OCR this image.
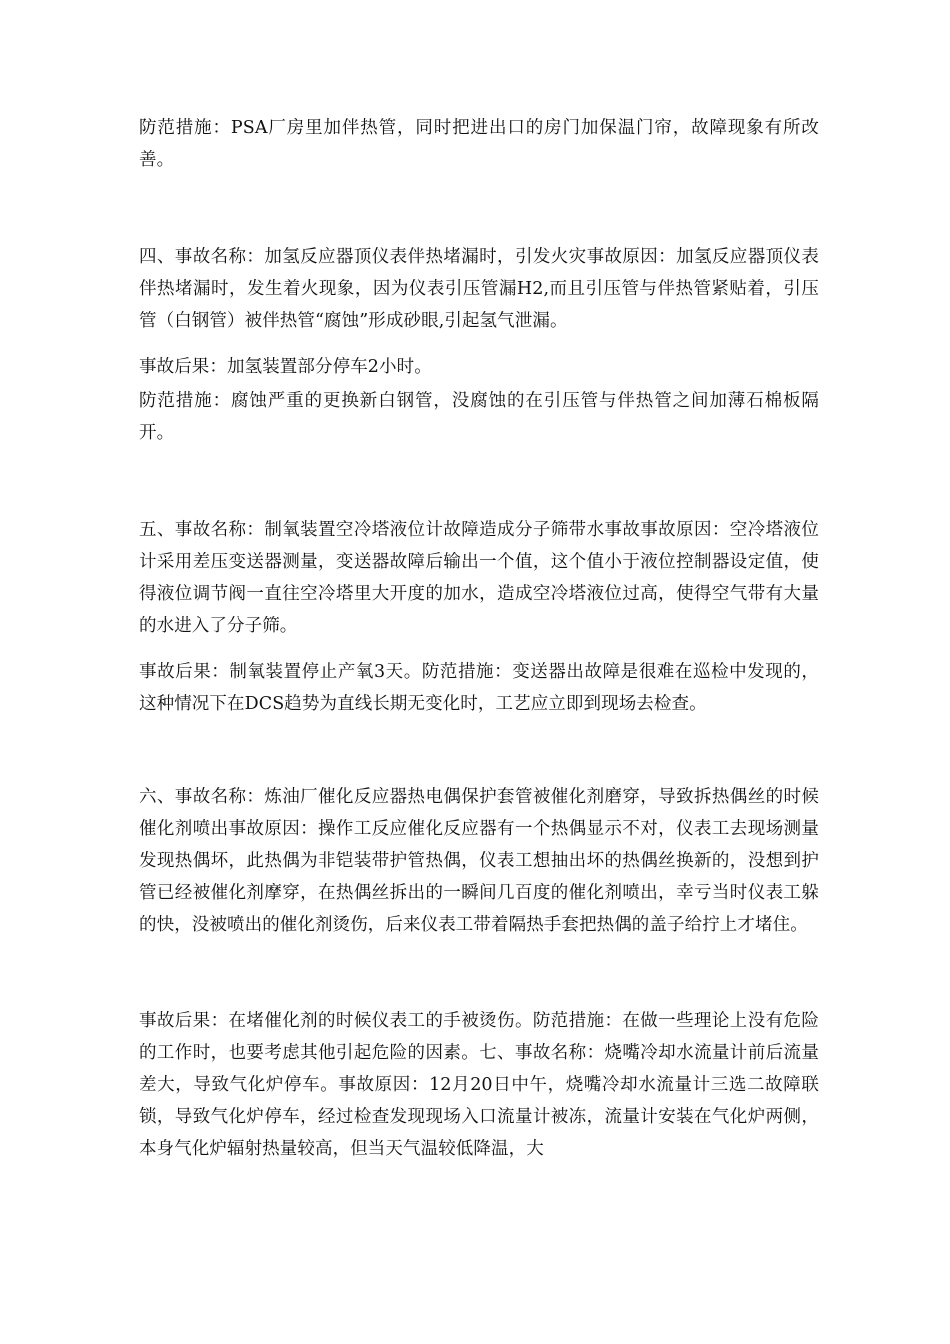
防范措施：PSA厂房里加伴热管，同时把进出口的房门加保温门帘，故障现象有所改善。

四、事故名称：加氢反应器顶仪表伴热堵漏时，引发火灾事故原因：加氢反应器顶仪表伴热堵漏时，发生着火现象，因为仪表引压管漏H2,而且引压管与伴热管紧贴着，引压管（白钢管）被伴热管“腐蚀”形成砂眼,引起氢气泄漏。

事故后果：加氢装置部分停车2小时。

防范措施：腐蚀严重的更换新白钢管，没腐蚀的在引压管与伴热管之间加薄石棉板隔开。

五、事故名称：制氧装置空冷塔液位计故障造成分子筛带水事故事故原因：空冷塔液位计采用差压变送器测量，变送器故障后输出一个值，这个值小于液位控制器设定值，使得液位调节阀一直往空冷塔里大开度的加水，造成空冷塔液位过高，使得空气带有大量的水进入了分子筛。

事故后果：制氧装置停止产氧3天。防范措施：变送器出故障是很难在巡检中发现的，这种情况下在DCS趋势为直线长期无变化时，工艺应立即到现场去检查。

六、事故名称：炼油厂催化反应器热电偶保护套管被催化剂磨穿，导致拆热偶丝的时候催化剂喷出事故原因：操作工反应催化反应器有一个热偶显示不对，仪表工去现场测量发现热偶坏，此热偶为非铠装带护管热偶，仪表工想抽出坏的热偶丝换新的，没想到护管已经被催化剂摩穿，在热偶丝拆出的一瞬间几百度的催化剂喷出，幸亏当时仪表工躲的快，没被喷出的催化剂烫伤，后来仪表工带着隔热手套把热偶的盖子给拧上才堵住。

事故后果：在堵催化剂的时候仪表工的手被烫伤。防范措施：在做一些理论上没有危险的工作时，也要考虑其他引起危险的因素。七、事故名称：烧嘴冷却水流量计前后流量差大，导致气化炉停车。事故原因：12月20日中午，烧嘴冷却水流量计三选二故障联锁，导致气化炉停车，经过检查发现现场入口流量计被冻，流量计安装在气化炉两侧，本身气化炉辐射热量较高，但当天气温较低降温，大
